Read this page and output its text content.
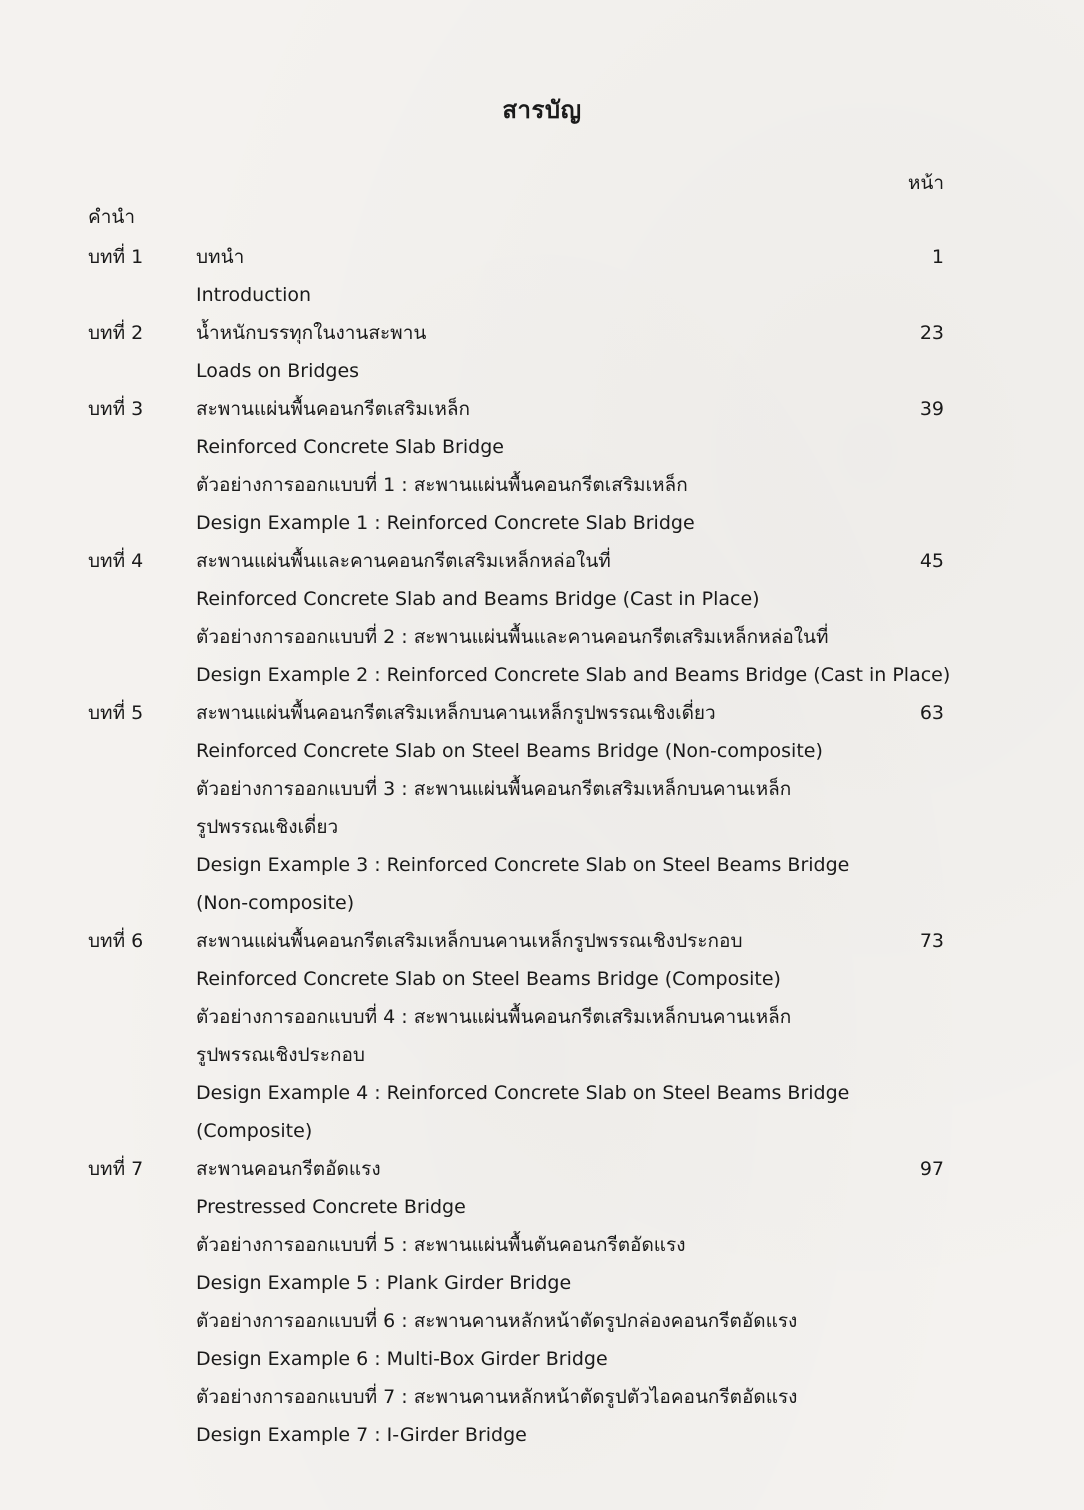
สารบัญ
หน้า
คำนำ
บทที่ 1	บทนำ	1
Introduction
บทที่ 2	น้ำหนักบรรทุกในงานสะพาน	23
Loads on Bridges
บทที่ 3	สะพานแผ่นพื้นคอนกรีตเสริมเหล็ก	39
Reinforced Concrete Slab Bridge
ตัวอย่างการออกแบบที่ 1 : สะพานแผ่นพื้นคอนกรีตเสริมเหล็ก
Design Example 1 : Reinforced Concrete Slab Bridge
บทที่ 4	สะพานแผ่นพื้นและคานคอนกรีตเสริมเหล็กหล่อในที่	45
Reinforced Concrete Slab and Beams Bridge (Cast in Place)
ตัวอย่างการออกแบบที่ 2 : สะพานแผ่นพื้นและคานคอนกรีตเสริมเหล็กหล่อในที่
Design Example 2 : Reinforced Concrete Slab and Beams Bridge (Cast in Place)
บทที่ 5	สะพานแผ่นพื้นคอนกรีตเสริมเหล็กบนคานเหล็กรูปพรรณเชิงเดี่ยว	63
Reinforced Concrete Slab on Steel Beams Bridge (Non-composite)
ตัวอย่างการออกแบบที่ 3 : สะพานแผ่นพื้นคอนกรีตเสริมเหล็กบนคานเหล็ก
รูปพรรณเชิงเดี่ยว
Design Example 3 : Reinforced Concrete Slab on Steel Beams Bridge
(Non-composite)
บทที่ 6	สะพานแผ่นพื้นคอนกรีตเสริมเหล็กบนคานเหล็กรูปพรรณเชิงประกอบ	73
Reinforced Concrete Slab on Steel Beams Bridge (Composite)
ตัวอย่างการออกแบบที่ 4 : สะพานแผ่นพื้นคอนกรีตเสริมเหล็กบนคานเหล็ก
รูปพรรณเชิงประกอบ
Design Example 4 : Reinforced Concrete Slab on Steel Beams Bridge
(Composite)
บทที่ 7	สะพานคอนกรีตอัดแรง	97
Prestressed Concrete Bridge
ตัวอย่างการออกแบบที่ 5 : สะพานแผ่นพื้นตันคอนกรีตอัดแรง
Design Example 5 : Plank Girder Bridge
ตัวอย่างการออกแบบที่ 6 : สะพานคานหลักหน้าตัดรูปกล่องคอนกรีตอัดแรง
Design Example 6 : Multi-Box Girder Bridge
ตัวอย่างการออกแบบที่ 7 : สะพานคานหลักหน้าตัดรูปตัวไอคอนกรีตอัดแรง
Design Example 7 : I-Girder Bridge
